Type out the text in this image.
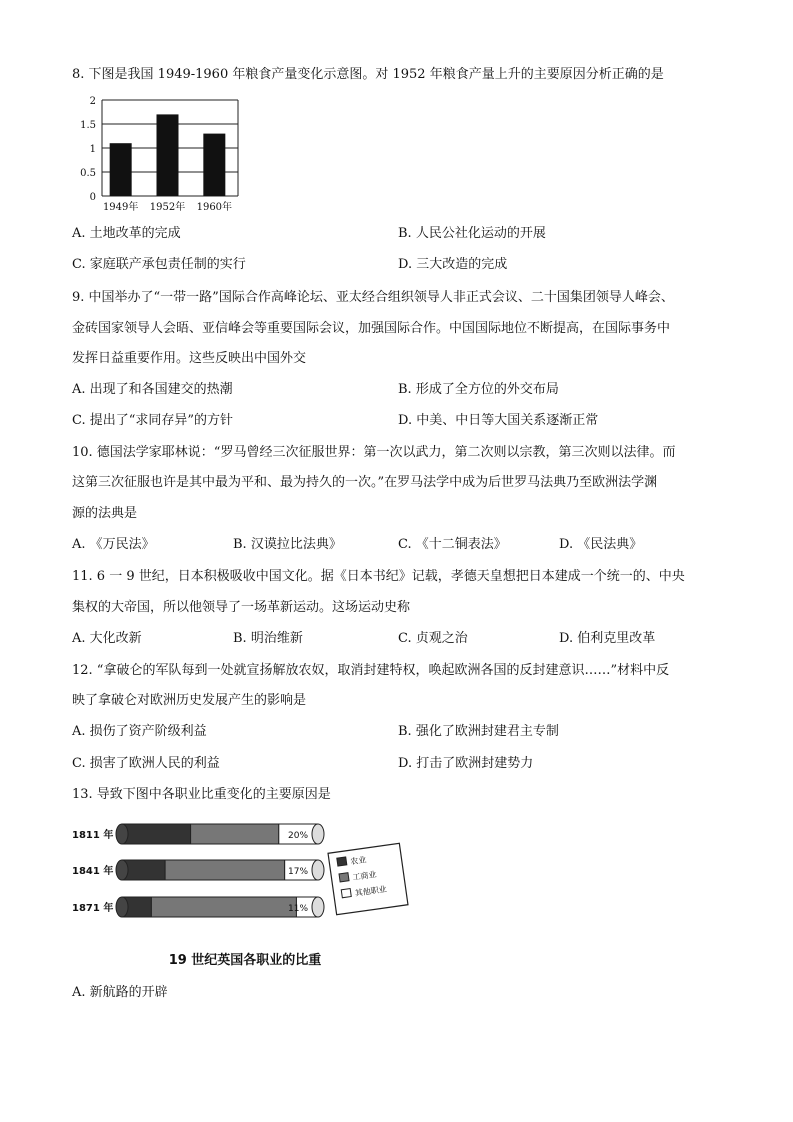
8. 下图是我国 1949-1960 年粮食产量变化示意图。对 1952 年粮食产量上升的主要原因分析正确的是
0
0.5
1
1.5
2
1949年 1952年 1960年
A. 土地改革的完成	B. 人民公社化运动的开展
C. 家庭联产承包责任制的实行	D. 三大改造的完成
9. 中国举办了“一带一路”国际合作高峰论坛、亚太经合组织领导人非正式会议、二十国集团领导人峰会、
金砖国家领导人会晤、亚信峰会等重要国际会议，加强国际合作。中国国际地位不断提高，在国际事务中
发挥日益重要作用。这些反映出中国外交
A. 出现了和各国建交的热潮	B. 形成了全方位的外交布局
C. 提出了“求同存异”的方针	D. 中美、中日等大国关系逐渐正常
10. 德国法学家耶林说：“罗马曾经三次征服世界：第一次以武力，第二次则以宗教，第三次则以法律。而
这第三次征服也许是其中最为平和、最为持久的一次。”在罗马法学中成为后世罗马法典乃至欧洲法学渊
源的法典是
A. 《万民法》	B. 汉谟拉比法典》	C. 《十二铜表法》	D. 《民法典》
11. 6 一 9 世纪，日本积极吸收中国文化。据《日本书纪》记载，孝德天皇想把日本建成一个统一的、中央
集权的大帝国，所以他领导了一场革新运动。这场运动史称
A. 大化改新	B. 明治维新	C. 贞观之治	D. 伯利克里改革
12. “拿破仑的军队每到一处就宣扬解放农奴，取消封建特权，唤起欧洲各国的反封建意识……”材料中反
映了拿破仑对欧洲历史发展产生的影响是
A. 损伤了资产阶级利益	B. 强化了欧洲封建君主专制
C. 损害了欧洲人民的利益	D. 打击了欧洲封建势力
13. 导致下图中各职业比重变化的主要原因是
1811 年	20%
1841 年	17%
1871 年	11%
农业
工商业
其他职业
19 世纪英国各职业的比重
A. 新航路的开辟
